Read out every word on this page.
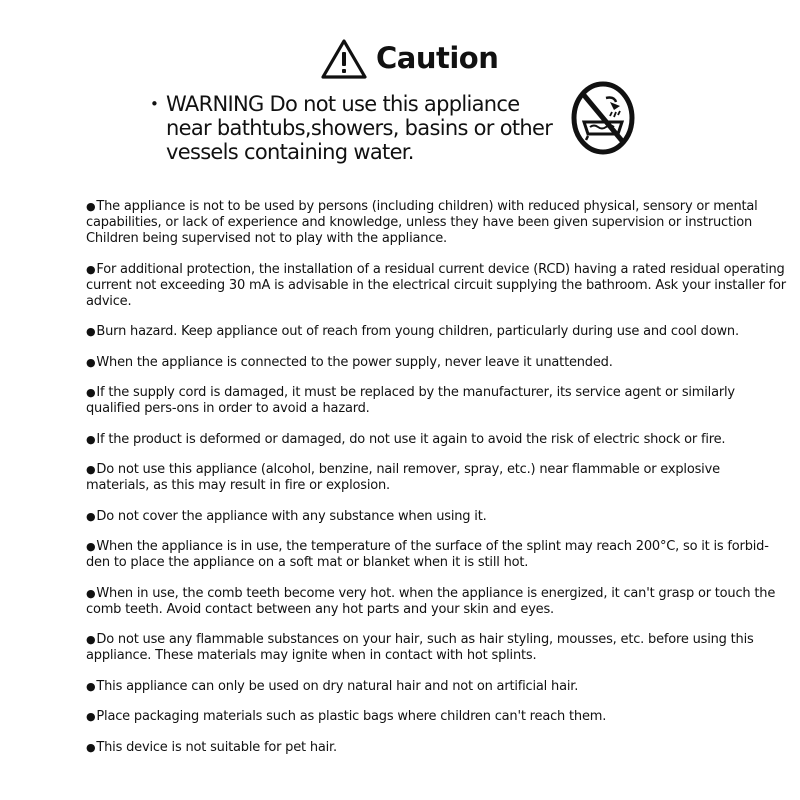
Caution
• WARNING Do not use this appliance near bathtubs,showers, basins or other vessels containing water.
●The appliance is not to be used by persons (including children) with reduced physical, sensory or mental capabilities, or lack of experience and knowledge, unless they have been given supervision or instruction Children being supervised not to play with the appliance.
●For additional protection, the installation of a residual current device (RCD) having a rated residual operating current not exceeding 30 mA is advisable in the electrical circuit supplying the bathroom. Ask your installer for advice.
●Burn hazard. Keep appliance out of reach from young children, particularly during use and cool down.
●When the appliance is connected to the power supply, never leave it unattended.
●If the supply cord is damaged, it must be replaced by the manufacturer, its service agent or similarly qualified pers-ons in order to avoid a hazard.
●If the product is deformed or damaged, do not use it again to avoid the risk of electric shock or fire.
●Do not use this appliance (alcohol, benzine, nail remover, spray, etc.) near flammable or explosive materials, as this may result in fire or explosion.
●Do not cover the appliance with any substance when using it.
●When the appliance is in use, the temperature of the surface of the splint may reach 200°C, so it is forbid-den to place the appliance on a soft mat or blanket when it is still hot.
●When in use, the comb teeth become very hot. when the appliance is energized, it can't grasp or touch the comb teeth. Avoid contact between any hot parts and your skin and eyes.
●Do not use any flammable substances on your hair, such as hair styling, mousses, etc. before using this appliance. These materials may ignite when in contact with hot splints.
●This appliance can only be used on dry natural hair and not on artificial hair.
●Place packaging materials such as plastic bags where children can't reach them.
●This device is not suitable for pet hair.
